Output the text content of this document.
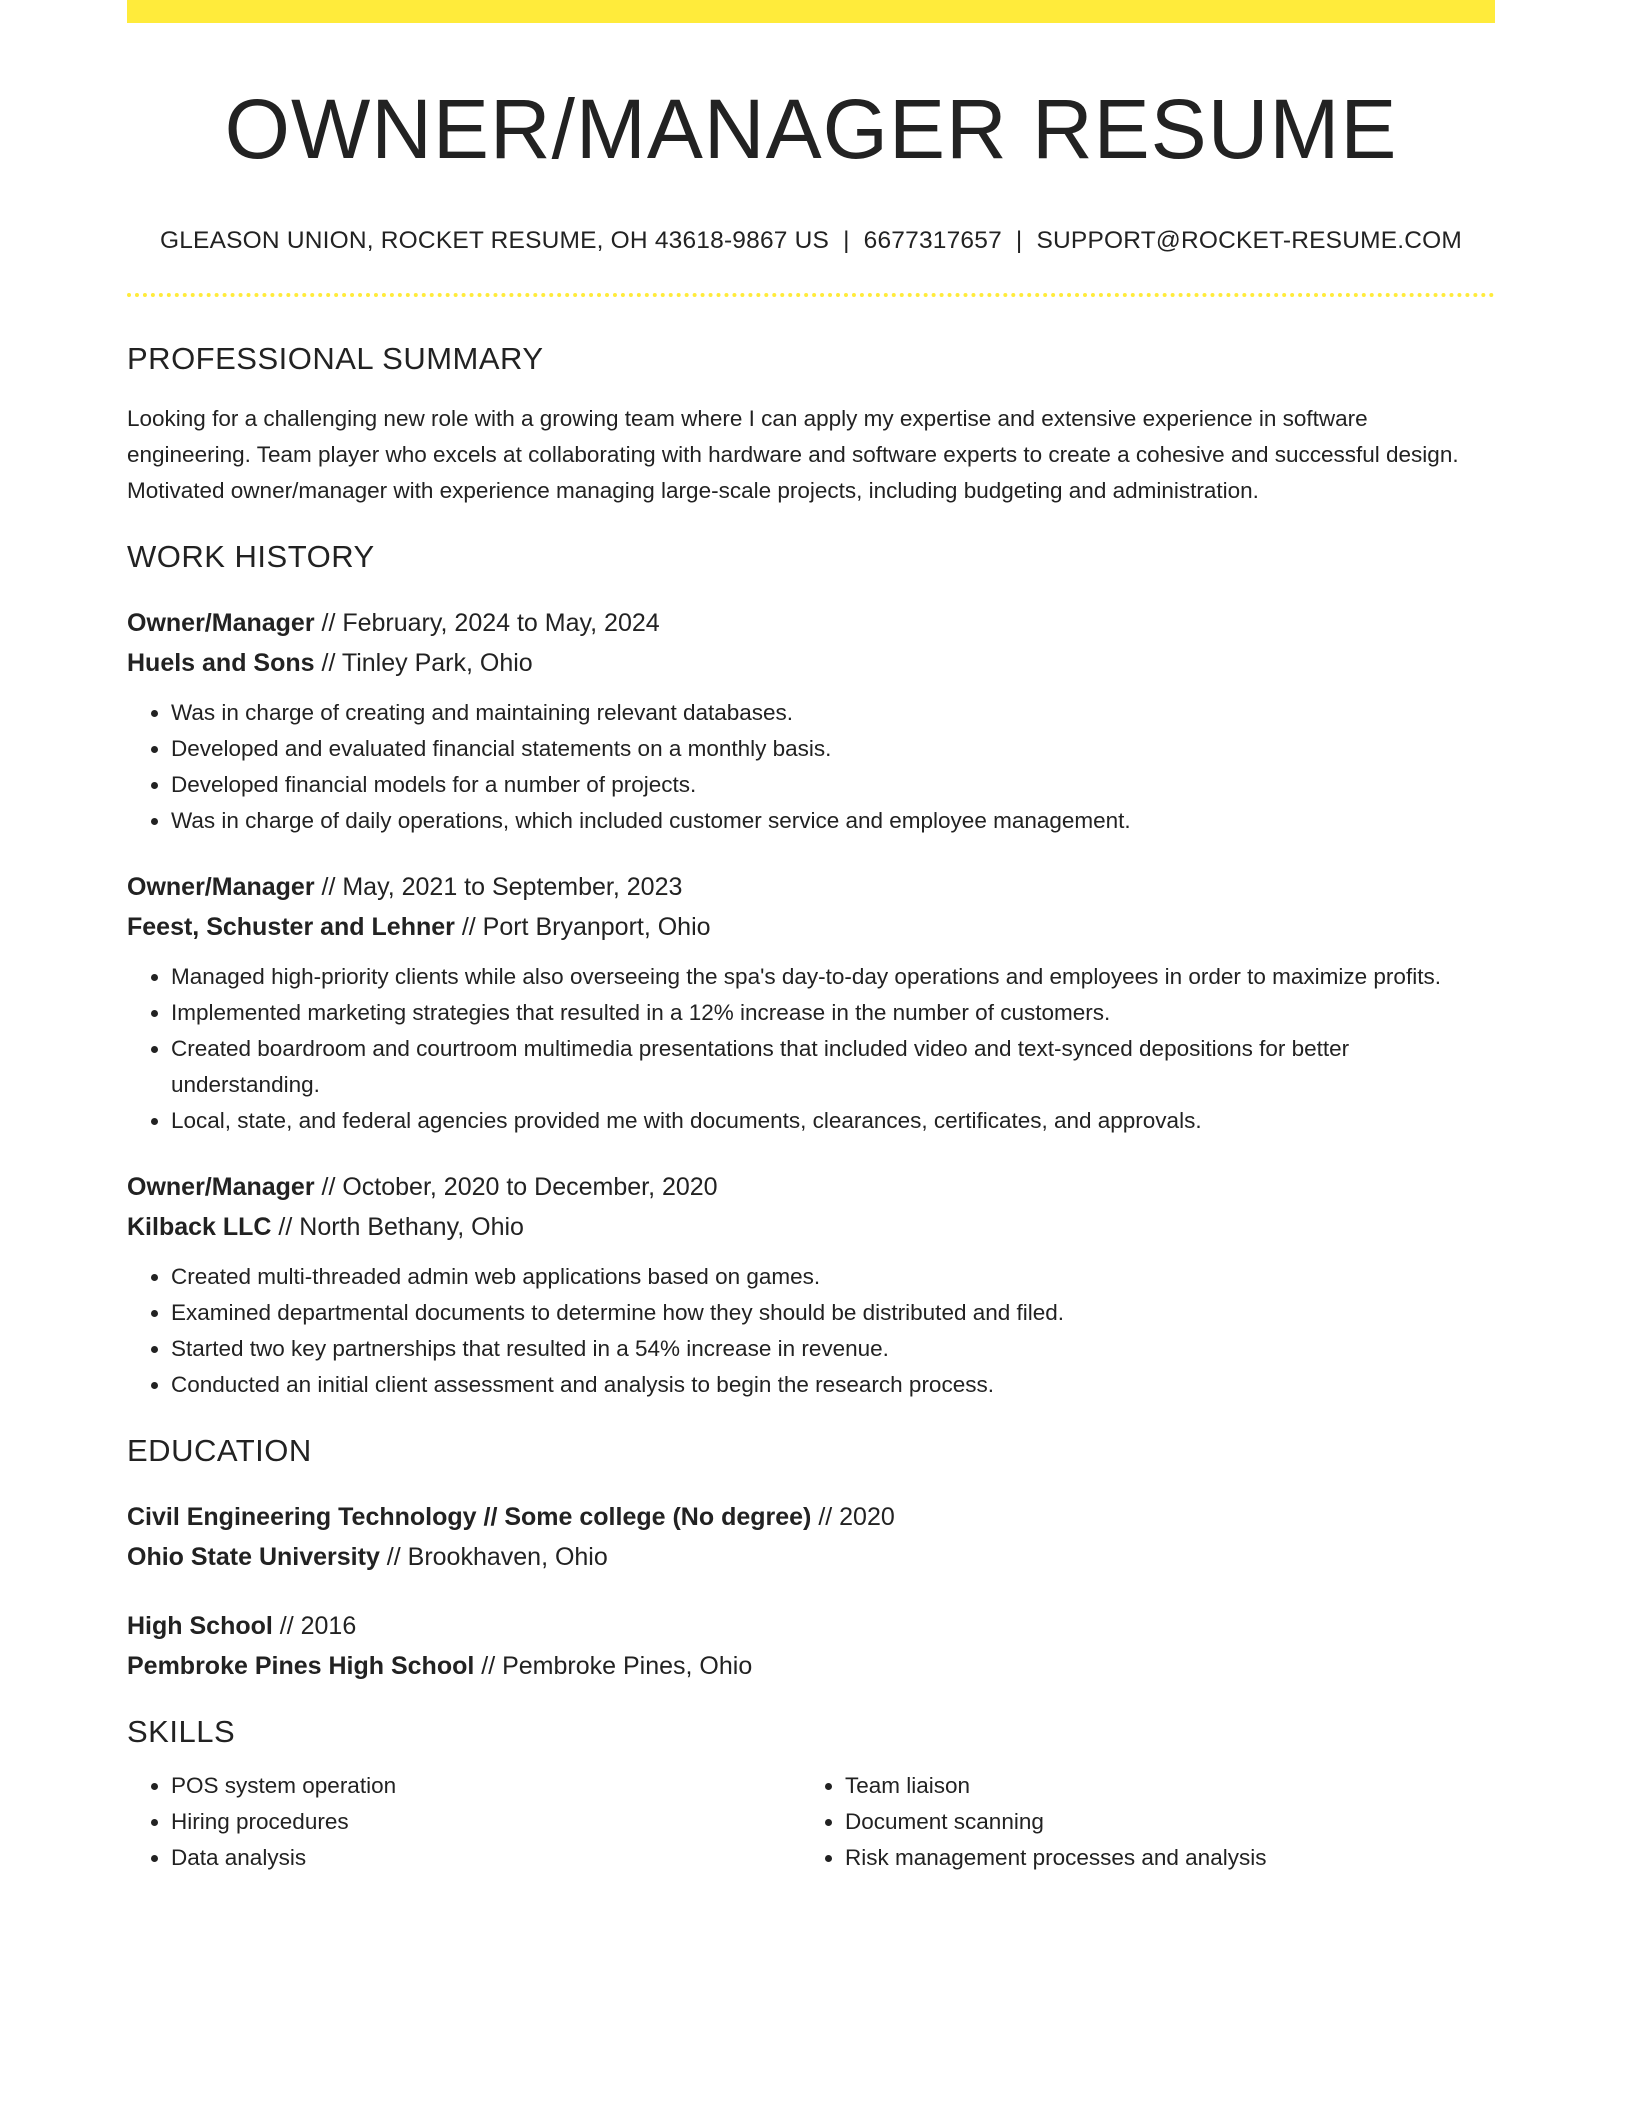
OWNER/MANAGER RESUME
GLEASON UNION, ROCKET RESUME, OH 43618-9867 US | 6677317657 | SUPPORT@ROCKET-RESUME.COM
PROFESSIONAL SUMMARY
Looking for a challenging new role with a growing team where I can apply my expertise and extensive experience in software engineering. Team player who excels at collaborating with hardware and software experts to create a cohesive and successful design. Motivated owner/manager with experience managing large-scale projects, including budgeting and administration.
WORK HISTORY
Owner/Manager // February, 2024 to May, 2024
Huels and Sons // Tinley Park, Ohio
• Was in charge of creating and maintaining relevant databases.
• Developed and evaluated financial statements on a monthly basis.
• Developed financial models for a number of projects.
• Was in charge of daily operations, which included customer service and employee management.
Owner/Manager // May, 2021 to September, 2023
Feest, Schuster and Lehner // Port Bryanport, Ohio
• Managed high-priority clients while also overseeing the spa's day-to-day operations and employees in order to maximize profits.
• Implemented marketing strategies that resulted in a 12% increase in the number of customers.
• Created boardroom and courtroom multimedia presentations that included video and text-synced depositions for better understanding.
• Local, state, and federal agencies provided me with documents, clearances, certificates, and approvals.
Owner/Manager // October, 2020 to December, 2020
Kilback LLC // North Bethany, Ohio
• Created multi-threaded admin web applications based on games.
• Examined departmental documents to determine how they should be distributed and filed.
• Started two key partnerships that resulted in a 54% increase in revenue.
• Conducted an initial client assessment and analysis to begin the research process.
EDUCATION
Civil Engineering Technology // Some college (No degree) // 2020
Ohio State University // Brookhaven, Ohio
High School // 2016
Pembroke Pines High School // Pembroke Pines, Ohio
SKILLS
• POS system operation
• Hiring procedures
• Data analysis
• Team liaison
• Document scanning
• Risk management processes and analysis
